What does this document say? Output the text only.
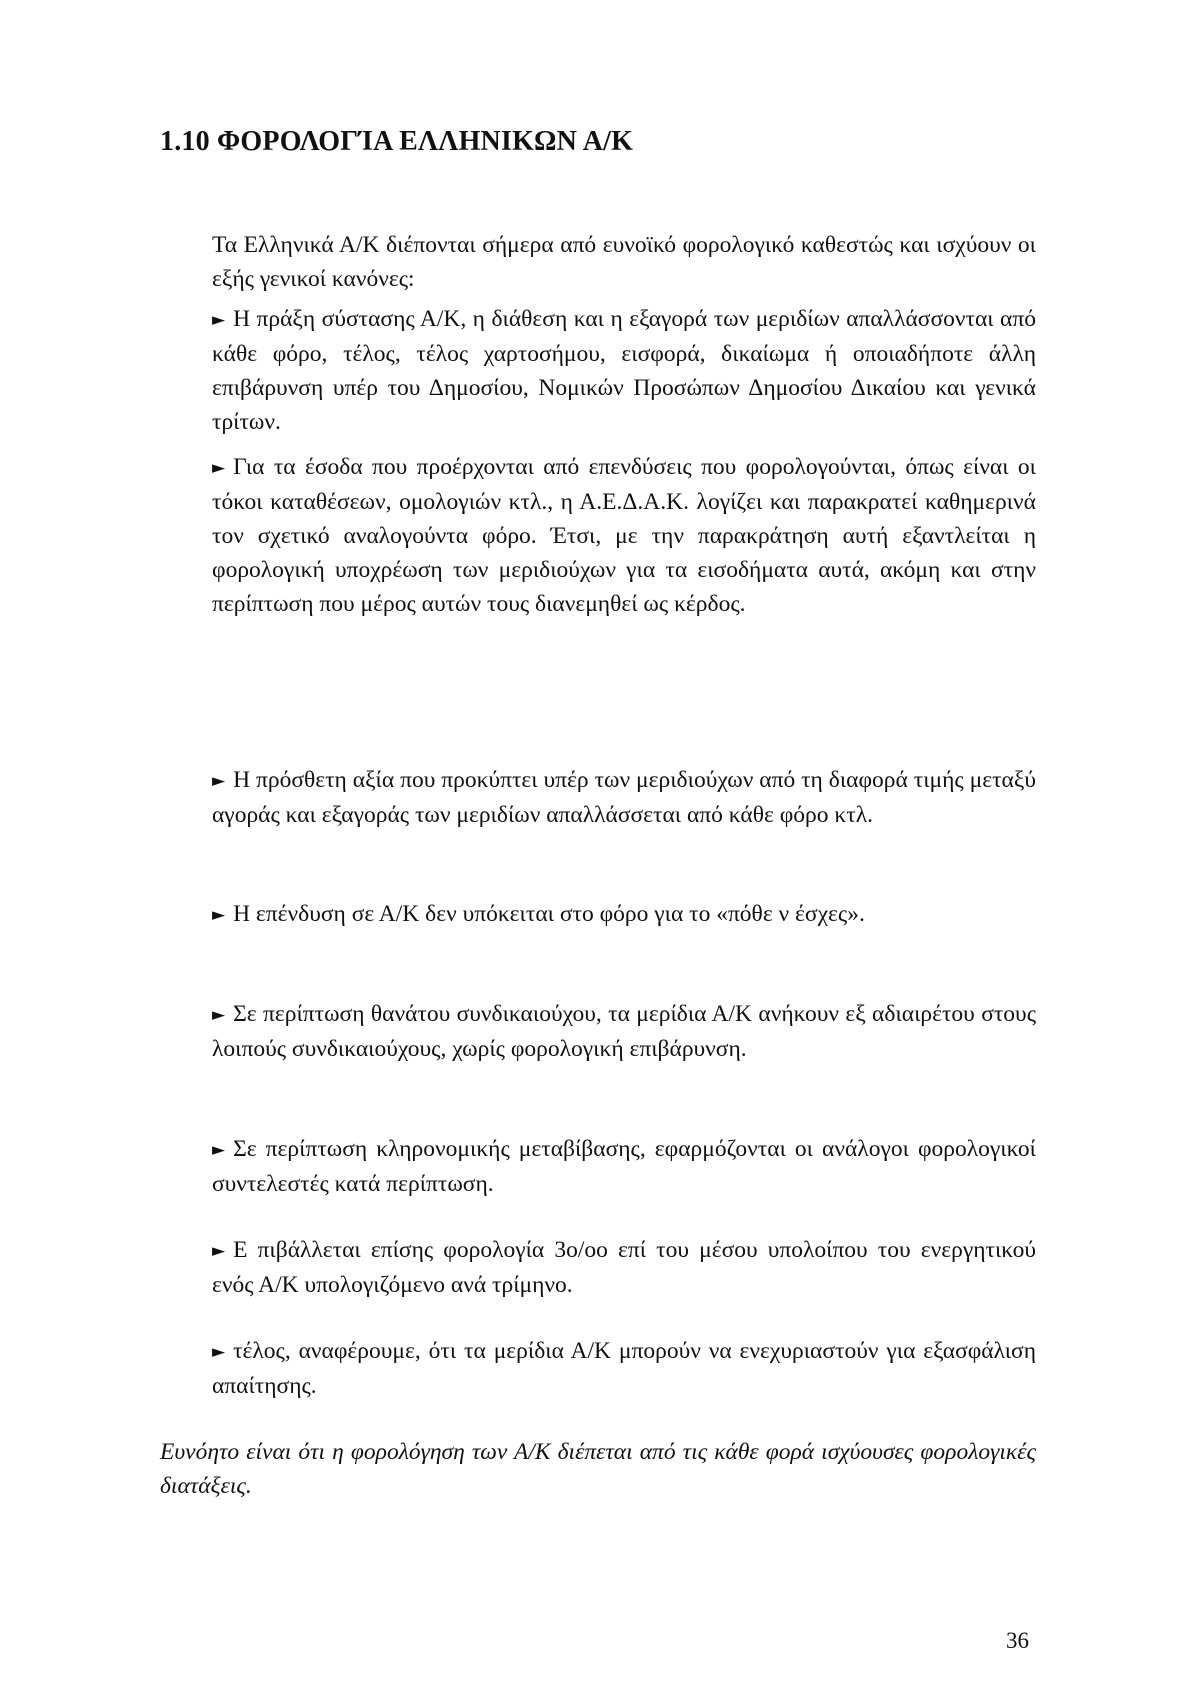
1.10 ΦΟΡΟΛΟΓΊΑ ΕΛΛΗΝΙΚΩΝ Α/Κ
Τα Ελληνικά Α/Κ διέπονται σήμερα από ευνοϊκό φορολογικό καθεστώς και ισχύουν οι εξής γενικοί κανόνες:
► Η πράξη σύστασης Α/Κ, η διάθεση και η εξαγορά των μεριδίων απαλλάσσονται από κάθε φόρο, τέλος, τέλος χαρτοσήμου, εισφορά, δικαίωμα ή οποιαδήποτε άλλη επιβάρυνση υπέρ του Δημοσίου, Νομικών Προσώπων Δημοσίου Δικαίου και γενικά τρίτων.
► Για τα έσοδα που προέρχονται από επενδύσεις που φορολογούνται, όπως είναι οι τόκοι καταθέσεων, ομολογιών κτλ., η Α.Ε.Δ.Α.Κ. λογίζει και παρακρατεί καθημερινά τον σχετικό αναλογούντα φόρο. Έτσι, με την παρακράτηση αυτή εξαντλείται η φορολογική υποχρέωση των μεριδιούχων για τα εισοδήματα αυτά, ακόμη και στην περίπτωση που μέρος αυτών τους διανεμηθεί ως κέρδος.
► Η πρόσθετη αξία που προκύπτει υπέρ των μεριδιούχων από τη διαφορά τιμής μεταξύ αγοράς και εξαγοράς των μεριδίων απαλλάσσεται από κάθε φόρο κτλ.
► Η επένδυση σε Α/Κ δεν υπόκειται στο φόρο για το «πόθε ν έσχες».
► Σε περίπτωση θανάτου συνδικαιούχου, τα μερίδια Α/Κ ανήκουν εξ αδιαιρέτου στους λοιπούς συνδικαιούχους, χωρίς φορολογική επιβάρυνση.
► Σε περίπτωση κληρονομικής μεταβίβασης, εφαρμόζονται οι ανάλογοι φορολογικοί συντελεστές κατά περίπτωση.
► Ε πιβάλλεται επίσης φορολογία 3ο/οο επί του μέσου υπολοίπου του ενεργητικού ενός Α/Κ υπολογιζόμενο ανά τρίμηνο.
► τέλος, αναφέρουμε, ότι τα μερίδια Α/Κ μπορούν να ενεχυριαστούν για εξασφάλιση απαίτησης.
Ευνόητο είναι ότι η φορολόγηση των Α/Κ διέπεται από τις κάθε φορά ισχύουσες φορολογικές διατάξεις.
36
